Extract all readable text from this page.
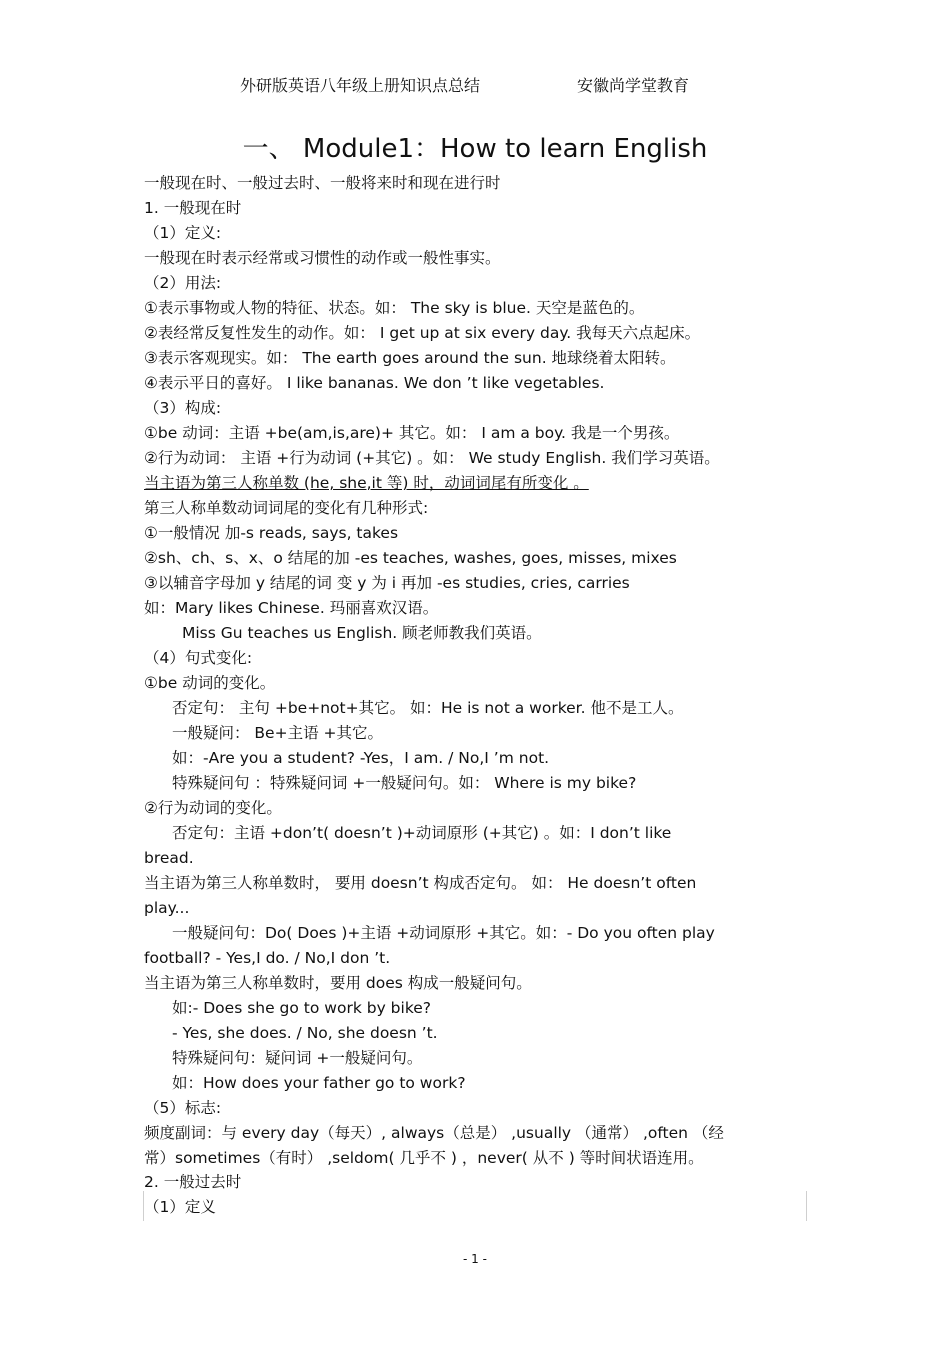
外研版英语八年级上册知识点总结	安徽尚学堂教育
一、 Module1：How to learn English
一般现在时、一般过去时、一般将来时和现在进行时
1. 一般现在时
（1）定义:
一般现在时表示经常或习惯性的动作或一般性事实。
（2）用法:
①表示事物或人物的特征、状态。如： The sky is blue. 天空是蓝色的。
②表经常反复性发生的动作。如： I get up at six every day. 我每天六点起床。
③表示客观现实。如： The earth goes around the sun. 地球绕着太阳转。
④表示平日的喜好。 I like bananas. We don ’t like vegetables.
（3）构成:
①be 动词：主语 +be(am,is,are)+ 其它。如： I am a boy. 我是一个男孩。
②行为动词： 主语 +行为动词 (+其它) 。如： We study English. 我们学习英语。
当主语为第三人称单数 (he, she,it 等) 时，动词词尾有所变化 。
第三人称单数动词词尾的变化有几种形式:
①一般情况 加-s reads, says, takes
②sh、ch、s、x、o 结尾的加 -es teaches, washes, goes, misses, mixes
③以辅音字母加 y 结尾的词 变 y 为 i 再加 -es studies, cries, carries
如：Mary likes Chinese. 玛丽喜欢汉语。
Miss Gu teaches us English. 顾老师教我们英语。
（4）句式变化:
①be 动词的变化。
否定句： 主句 +be+not+其它。 如：He is not a worker. 他不是工人。
一般疑问： Be+主语 +其它。
如：-Are you a student? -Yes，I am. / No,I ’m not.
特殊疑问句 ：特殊疑问词 +一般疑问句。如： Where is my bike?
②行为动词的变化。
否定句：主语 +don’t( doesn’t )+动词原形 (+其它) 。如：I don’t like
bread.
当主语为第三人称单数时， 要用 doesn’t 构成否定句。 如： He doesn’t often
play...
一般疑问句：Do( Does )+主语 +动词原形 +其它。如：- Do you often play
football? - Yes,I do. / No,I don ’t.
当主语为第三人称单数时，要用 does 构成一般疑问句。
如:- Does she go to work by bike?
- Yes, she does. / No, she doesn ’t.
特殊疑问句：疑问词 +一般疑问句。
如：How does your father go to work?
（5）标志:
频度副词：与 every day（每天）, always（总是） ,usually （通常） ,often （经
常）sometimes（有时） ,seldom( 几乎不 ) ，never( 从不 ) 等时间状语连用。
2. 一般过去时
（1）定义
- 1 -
